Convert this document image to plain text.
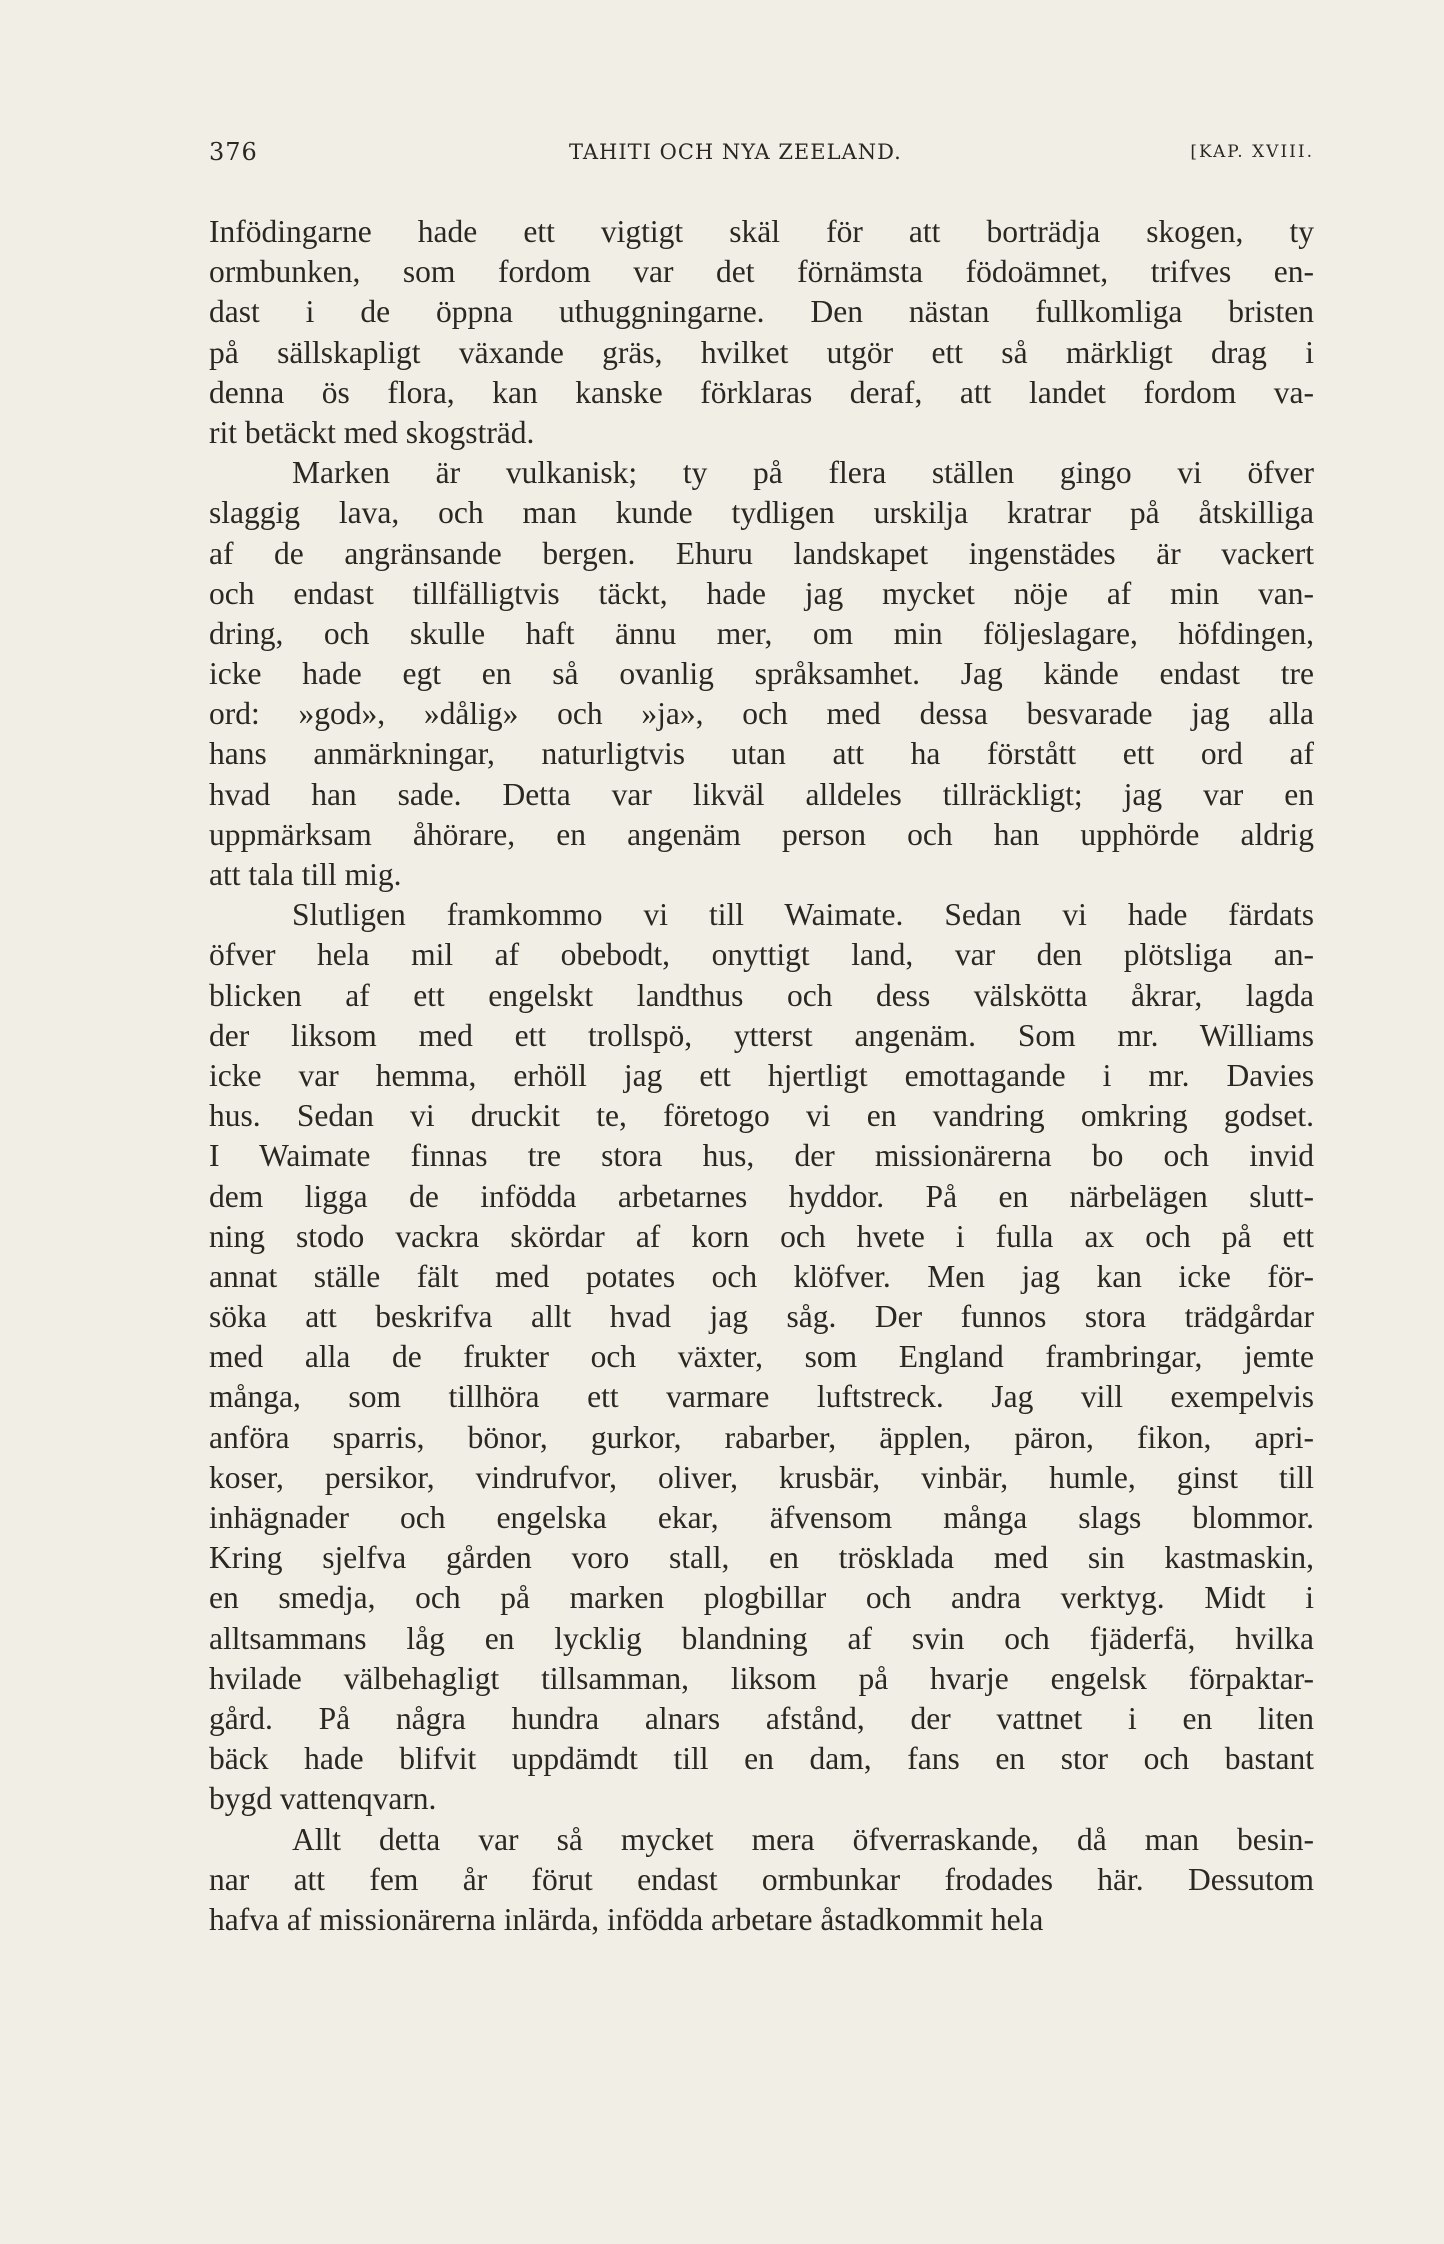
376	TAHITI OCH NYA ZEELAND.	[KAP. XVIII.
Infödingarne hade ett vigtigt skäl för att borträdja skogen, ty
ormbunken, som fordom var det förnämsta födoämnet, trifves en-
dast i de öppna uthuggningarne. Den nästan fullkomliga bristen
på sällskapligt växande gräs, hvilket utgör ett så märkligt drag i
denna ös flora, kan kanske förklaras deraf, att landet fordom va-
rit betäckt med skogsträd.
Marken är vulkanisk; ty på flera ställen gingo vi öfver
slaggig lava, och man kunde tydligen urskilja kratrar på åtskilliga
af de angränsande bergen. Ehuru landskapet ingenstädes är vackert
och endast tillfälligtvis täckt, hade jag mycket nöje af min van-
dring, och skulle haft ännu mer, om min följeslagare, höfdingen,
icke hade egt en så ovanlig språksamhet. Jag kände endast tre
ord: »god», »dålig» och »ja», och med dessa besvarade jag alla
hans anmärkningar, naturligtvis utan att ha förstått ett ord af
hvad han sade. Detta var likväl alldeles tillräckligt; jag var en
uppmärksam åhörare, en angenäm person och han upphörde aldrig
att tala till mig.
Slutligen framkommo vi till Waimate. Sedan vi hade färdats
öfver hela mil af obebodt, onyttigt land, var den plötsliga an-
blicken af ett engelskt landthus och dess välskötta åkrar, lagda
der liksom med ett trollspö, ytterst angenäm. Som mr. Williams
icke var hemma, erhöll jag ett hjertligt emottagande i mr. Davies
hus. Sedan vi druckit te, företogo vi en vandring omkring godset.
I Waimate finnas tre stora hus, der missionärerna bo och invid
dem ligga de infödda arbetarnes hyddor. På en närbelägen slutt-
ning stodo vackra skördar af korn och hvete i fulla ax och på ett
annat ställe fält med potates och klöfver. Men jag kan icke för-
söka att beskrifva allt hvad jag såg. Der funnos stora trädgårdar
med alla de frukter och växter, som England frambringar, jemte
många, som tillhöra ett varmare luftstreck. Jag vill exempelvis
anföra sparris, bönor, gurkor, rabarber, äpplen, päron, fikon, apri-
koser, persikor, vindrufvor, oliver, krusbär, vinbär, humle, ginst till
inhägnader och engelska ekar, äfvensom många slags blommor.
Kring sjelfva gården voro stall, en trösklada med sin kastmaskin,
en smedja, och på marken plogbillar och andra verktyg. Midt i
alltsammans låg en lycklig blandning af svin och fjäderfä, hvilka
hvilade välbehagligt tillsamman, liksom på hvarje engelsk förpaktar-
gård. På några hundra alnars afstånd, der vattnet i en liten
bäck hade blifvit uppdämdt till en dam, fans en stor och bastant
bygd vattenqvarn.
Allt detta var så mycket mera öfverraskande, då man besin-
nar att fem år förut endast ormbunkar frodades här. Dessutom
hafva af missionärerna inlärda, infödda arbetare åstadkommit hela
